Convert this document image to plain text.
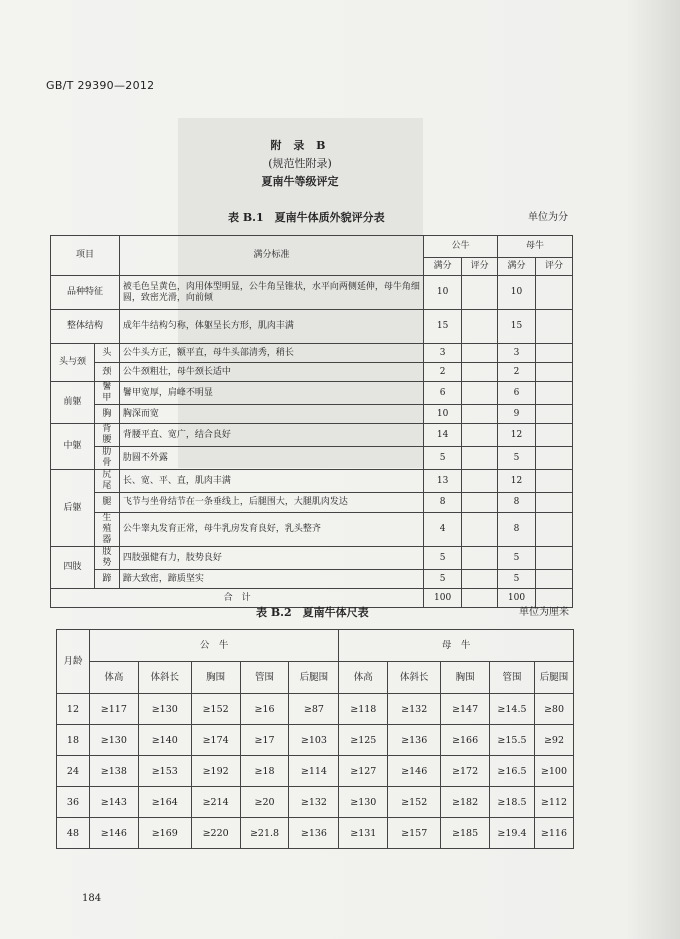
GB/T 29390—2012
附 录 B
(规范性附录)
夏南牛等级评定
表 B.1　夏南牛体质外貌评分表	单位为分
项目		满分标准	公牛		母牛	
			满分	评分	满分	评分
品种特征		被毛色呈黄色，肉用体型明显，公牛角呈锥状，水平向两侧延伸，母牛角细圆，致密光滑，向前倾	10		10	
整体结构		成年牛结构匀称，体躯呈长方形，肌肉丰满	15		15	
头与颈	头	公牛头方正，额平直，母牛头部清秀，稍长	3		3	
	颈	公牛颈粗壮，母牛颈长适中	2		2	
前躯	鬐甲	鬐甲宽厚，肩峰不明显	6		6	
	胸	胸深而宽	10		9	
中躯	背腰	背腰平直、宽广，结合良好	14		12	
	肋骨	肋圆不外露	5		5	
后躯	尻尾	长、宽、平、直，肌肉丰满	13		12	
	腿	飞节与坐骨结节在一条垂线上，后腿围大，大腿肌肉发达	8		8	
	生殖器	公牛睾丸发育正常，母牛乳房发育良好，乳头整齐	4		8	
四肢	肢势	四肢强健有力，肢势良好	5		5	
	蹄	蹄大致密，蹄质坚实	5		5	
合　计			100		100	
表 B.2　夏南牛体尺表	单位为厘米
月龄	公　牛					母　牛				
	体高	体斜长	胸围	管围	后腿围	体高	体斜长	胸围	管围	后腿围
12	≥117	≥130	≥152	≥16	≥87	≥118	≥132	≥147	≥14.5	≥80
18	≥130	≥140	≥174	≥17	≥103	≥125	≥136	≥166	≥15.5	≥92
24	≥138	≥153	≥192	≥18	≥114	≥127	≥146	≥172	≥16.5	≥100
36	≥143	≥164	≥214	≥20	≥132	≥130	≥152	≥182	≥18.5	≥112
48	≥146	≥169	≥220	≥21.8	≥136	≥131	≥157	≥185	≥19.4	≥116
184
